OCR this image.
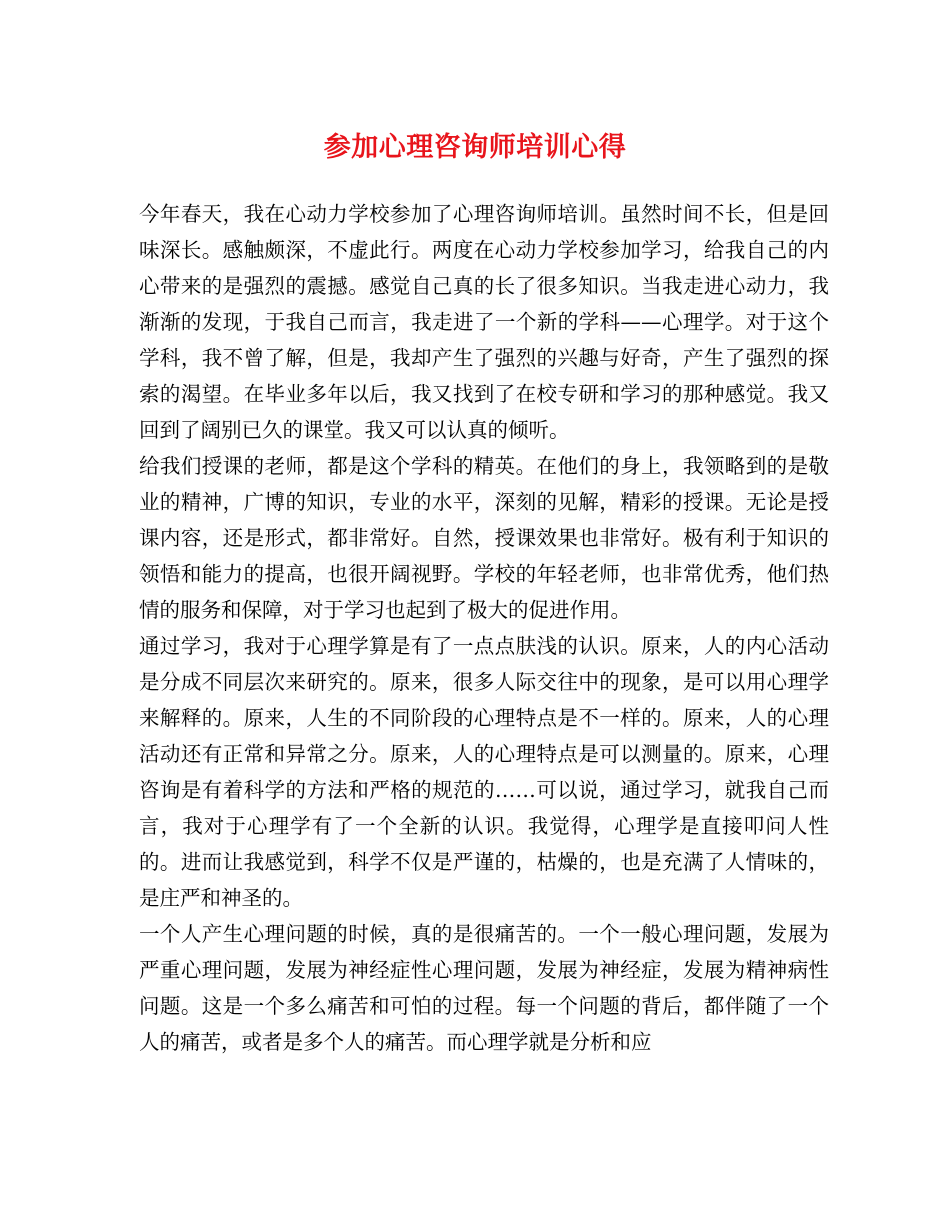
参加心理咨询师培训心得

今年春天，我在心动力学校参加了心理咨询师培训。虽然时间不长，但是回味深长。感触颇深，不虚此行。两度在心动力学校参加学习，给我自己的内心带来的是强烈的震撼。感觉自己真的长了很多知识。当我走进心动力，我渐渐的发现，于我自己而言，我走进了一个新的学科——心理学。对于这个学科，我不曾了解，但是，我却产生了强烈的兴趣与好奇，产生了强烈的探索的渴望。在毕业多年以后，我又找到了在校专研和学习的那种感觉。我又回到了阔别已久的课堂。我又可以认真的倾听。

给我们授课的老师，都是这个学科的精英。在他们的身上，我领略到的是敬业的精神，广博的知识，专业的水平，深刻的见解，精彩的授课。无论是授课内容，还是形式，都非常好。自然，授课效果也非常好。极有利于知识的领悟和能力的提高，也很开阔视野。学校的年轻老师，也非常优秀，他们热情的服务和保障，对于学习也起到了极大的促进作用。

通过学习，我对于心理学算是有了一点点肤浅的认识。原来，人的内心活动是分成不同层次来研究的。原来，很多人际交往中的现象，是可以用心理学来解释的。原来，人生的不同阶段的心理特点是不一样的。原来，人的心理活动还有正常和异常之分。原来，人的心理特点是可以测量的。原来，心理咨询是有着科学的方法和严格的规范的……可以说，通过学习，就我自己而言，我对于心理学有了一个全新的认识。我觉得，心理学是直接叩问人性的。进而让我感觉到，科学不仅是严谨的，枯燥的，也是充满了人情味的，是庄严和神圣的。

一个人产生心理问题的时候，真的是很痛苦的。一个一般心理问题，发展为严重心理问题，发展为神经症性心理问题，发展为神经症，发展为精神病性问题。这是一个多么痛苦和可怕的过程。每一个问题的背后，都伴随了一个人的痛苦，或者是多个人的痛苦。而心理学就是分析和应
